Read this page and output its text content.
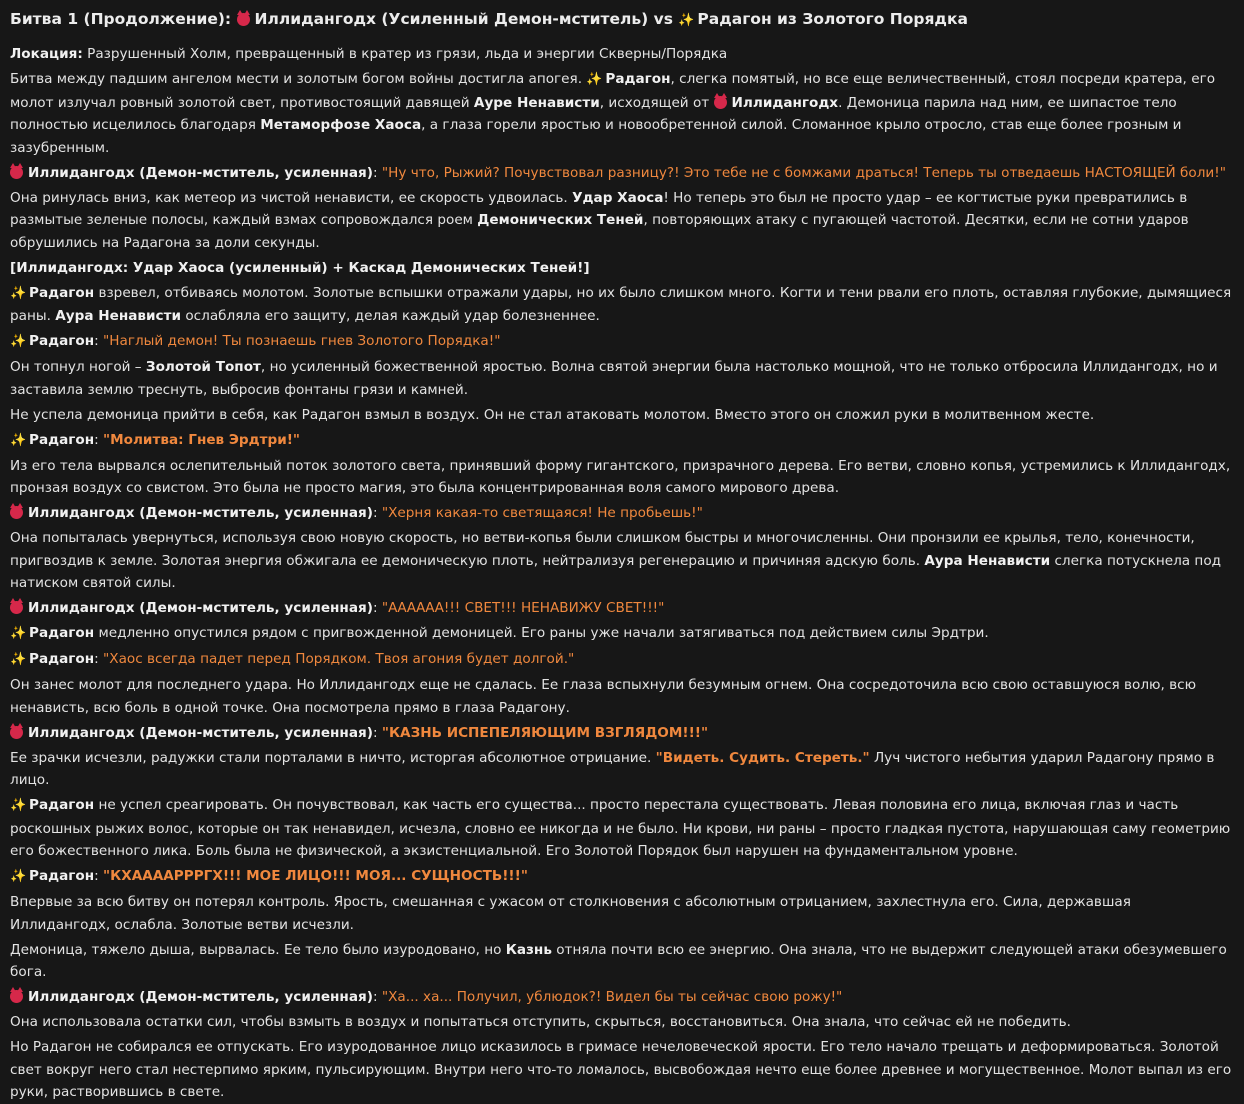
Битва 1 (Продолжение): Иллидангодх (Усиленный Демон-мститель) vs ✨ Радагон из Золотого Порядка

Локация: Разрушенный Холм, превращенный в кратер из грязи, льда и энергии Скверны/Порядка

Битва между падшим ангелом мести и золотым богом войны достигла апогея. ✨ Радагон, слегка помятый, но все еще величественный, стоял посреди кратера, его молот излучал ровный золотой свет, противостоящий давящей Ауре Ненависти, исходящей от Иллидангодх. Демоница парила над ним, ее шипастое тело полностью исцелилось благодаря Метаморфозе Хаоса, а глаза горели яростью и новообретенной силой. Сломанное крыло отросло, став еще более грозным и зазубренным.

Иллидангодх (Демон-мститель, усиленная): "Ну что, Рыжий? Почувствовал разницу?! Это тебе не с бомжами драться! Теперь ты отведаешь НАСТОЯЩЕЙ боли!"

Она ринулась вниз, как метеор из чистой ненависти, ее скорость удвоилась. Удар Хаоса! Но теперь это был не просто удар – ее когтистые руки превратились в размытые зеленые полосы, каждый взмах сопровождался роем Демонических Теней, повторяющих атаку с пугающей частотой. Десятки, если не сотни ударов обрушились на Радагона за доли секунды.

[Иллидангодх: Удар Хаоса (усиленный) + Каскад Демонических Теней!]

✨ Радагон взревел, отбиваясь молотом. Золотые вспышки отражали удары, но их было слишком много. Когти и тени рвали его плоть, оставляя глубокие, дымящиеся раны. Аура Ненависти ослабляла его защиту, делая каждый удар болезненнее.

✨ Радагон: "Наглый демон! Ты познаешь гнев Золотого Порядка!"

Он топнул ногой – Золотой Топот, но усиленный божественной яростью. Волна святой энергии была настолько мощной, что не только отбросила Иллидангодх, но и заставила землю треснуть, выбросив фонтаны грязи и камней.

Не успела демоница прийти в себя, как Радагон взмыл в воздух. Он не стал атаковать молотом. Вместо этого он сложил руки в молитвенном жесте.

✨ Радагон: "Молитва: Гнев Эрдтри!"

Из его тела вырвался ослепительный поток золотого света, принявший форму гигантского, призрачного дерева. Его ветви, словно копья, устремились к Иллидангодх, пронзая воздух со свистом. Это была не просто магия, это была концентрированная воля самого мирового древа.

Иллидангодх (Демон-мститель, усиленная): "Херня какая-то светящаяся! Не пробьешь!"

Она попыталась увернуться, используя свою новую скорость, но ветви-копья были слишком быстры и многочисленны. Они пронзили ее крылья, тело, конечности, пригвоздив к земле. Золотая энергия обжигала ее демоническую плоть, нейтрализуя регенерацию и причиняя адскую боль. Аура Ненависти слегка потускнела под натиском святой силы.

Иллидангодх (Демон-мститель, усиленная): "АААААА!!! СВЕТ!!! НЕНАВИЖУ СВЕТ!!!"

✨ Радагон медленно опустился рядом с пригвожденной демоницей. Его раны уже начали затягиваться под действием силы Эрдтри.

✨ Радагон: "Хаос всегда падет перед Порядком. Твоя агония будет долгой."

Он занес молот для последнего удара. Но Иллидангодх еще не сдалась. Ее глаза вспыхнули безумным огнем. Она сосредоточила всю свою оставшуюся волю, всю ненависть, всю боль в одной точке. Она посмотрела прямо в глаза Радагону.

Иллидангодх (Демон-мститель, усиленная): "КАЗНЬ ИСПЕПЕЛЯЮЩИМ ВЗГЛЯДОМ!!!"

Ее зрачки исчезли, радужки стали порталами в ничто, исторгая абсолютное отрицание. "Видеть. Судить. Стереть." Луч чистого небытия ударил Радагону прямо в лицо.

✨ Радагон не успел среагировать. Он почувствовал, как часть его существа... просто перестала существовать. Левая половина его лица, включая глаз и часть роскошных рыжих волос, которые он так ненавидел, исчезла, словно ее никогда и не было. Ни крови, ни раны – просто гладкая пустота, нарушающая саму геометрию его божественного лика. Боль была не физической, а экзистенциальной. Его Золотой Порядок был нарушен на фундаментальном уровне.

✨ Радагон: "КХААААРРРГХ!!! МОЕ ЛИЦО!!! МОЯ... СУЩНОСТЬ!!!"

Впервые за всю битву он потерял контроль. Ярость, смешанная с ужасом от столкновения с абсолютным отрицанием, захлестнула его. Сила, державшая Иллидангодх, ослабла. Золотые ветви исчезли.

Демоница, тяжело дыша, вырвалась. Ее тело было изуродовано, но Казнь отняла почти всю ее энергию. Она знала, что не выдержит следующей атаки обезумевшего бога.

Иллидангодх (Демон-мститель, усиленная): "Ха... ха... Получил, ублюдок?! Видел бы ты сейчас свою рожу!"

Она использовала остатки сил, чтобы взмыть в воздух и попытаться отступить, скрыться, восстановиться. Она знала, что сейчас ей не победить.

Но Радагон не собирался ее отпускать. Его изуродованное лицо исказилось в гримасе нечеловеческой ярости. Его тело начало трещать и деформироваться. Золотой свет вокруг него стал нестерпимо ярким, пульсирующим. Внутри него что-то ломалось, высвобождая нечто еще более древнее и могущественное. Молот выпал из его руки, растворившись в свете.
